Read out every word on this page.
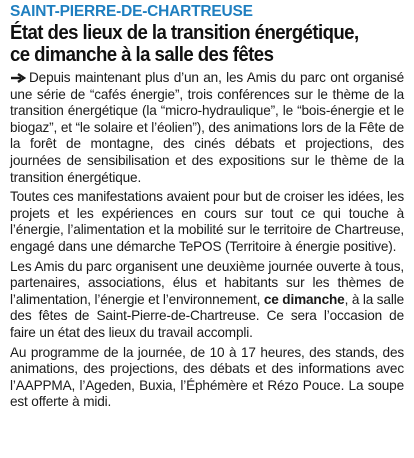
SAINT-PIERRE-DE-CHARTREUSE
État des lieux de la transition énergétique,
ce dimanche à la salle des fêtes

Depuis maintenant plus d’un an, les Amis du parc ont organisé une série de “cafés énergie”, trois conférences sur le thème de la transition énergétique (la “micro-hydraulique”, le “bois-énergie et le biogaz”, et “le solaire et l’éolien”), des animations lors de la Fête de la forêt de montagne, des cinés débats et projections, des journées de sensibilisation et des expositions sur le thème de la transition énergétique.

Toutes ces manifestations avaient pour but de croiser les idées, les projets et les expériences en cours sur tout ce qui touche à l’énergie, l’alimentation et la mobilité sur le territoire de Chartreuse, engagé dans une démarche TePOS (Territoire à énergie positive).

Les Amis du parc organisent une deuxième journée ouverte à tous, partenaires, associations, élus et habitants sur les thèmes de l’alimentation, l’énergie et l’environnement, ce dimanche, à la salle des fêtes de Saint-Pierre-de-Chartreuse. Ce sera l’occasion de faire un état des lieux du travail accompli.

Au programme de la journée, de 10 à 17 heures, des stands, des animations, des projections, des débats et des informations avec l’AAPPMA, l’Ageden, Buxia, l’Éphémère et Rézo Pouce. La soupe est offerte à midi.
